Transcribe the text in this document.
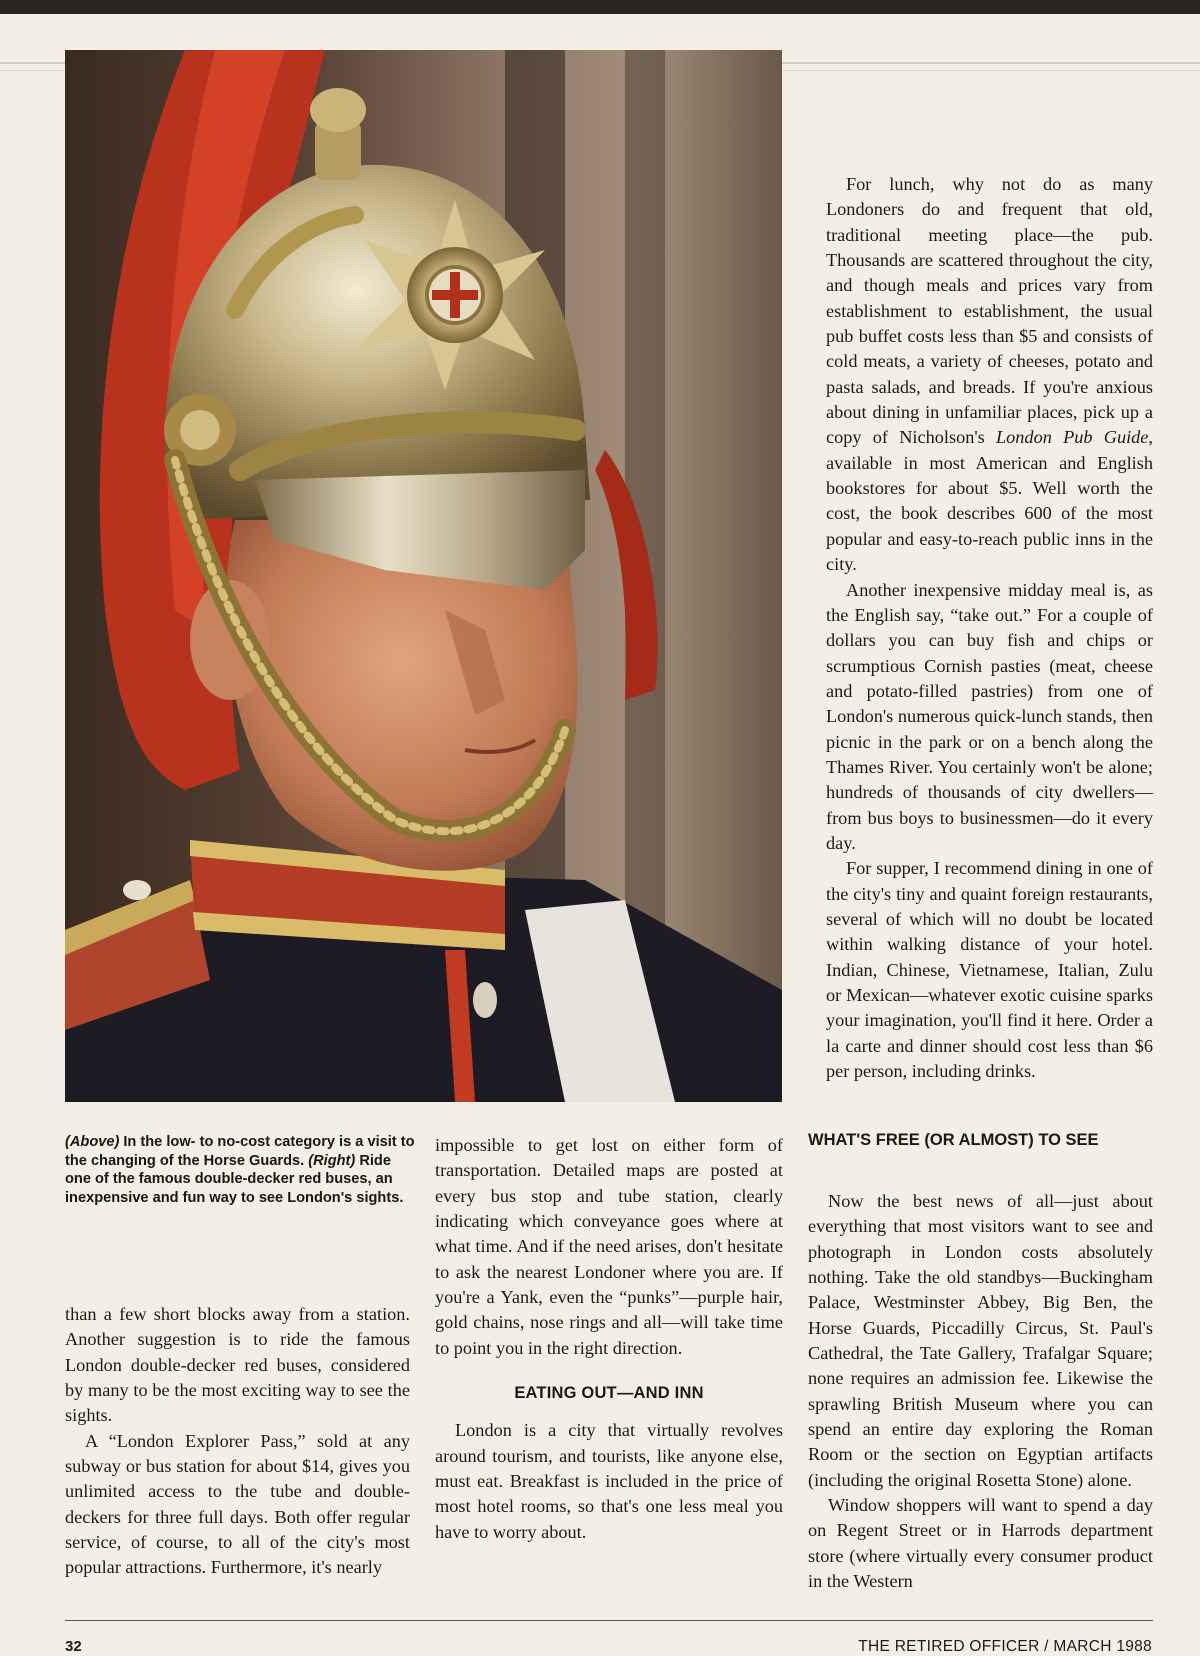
(Above) In the low- to no-cost category is a visit to the changing of the Horse Guards. (Right) Ride one of the famous double-decker red buses, an inexpensive and fun way to see London's sights.

than a few short blocks away from a station. Another suggestion is to ride the famous London double-decker red buses, considered by many to be the most exciting way to see the sights.

A “London Explorer Pass,” sold at any subway or bus station for about $14, gives you unlimited access to the tube and double-deckers for three full days. Both offer regular service, of course, to all of the city's most popular attractions. Furthermore, it's nearly

impossible to get lost on either form of transportation. Detailed maps are posted at every bus stop and tube station, clearly indicating which conveyance goes where at what time. And if the need arises, don't hesitate to ask the nearest Londoner where you are. If you're a Yank, even the “punks”—purple hair, gold chains, nose rings and all—will take time to point you in the right direction.

EATING OUT—AND INN

London is a city that virtually revolves around tourism, and tourists, like anyone else, must eat. Breakfast is included in the price of most hotel rooms, so that's one less meal you have to worry about.

For lunch, why not do as many Londoners do and frequent that old, traditional meeting place—the pub. Thousands are scattered throughout the city, and though meals and prices vary from establishment to establishment, the usual pub buffet costs less than $5 and consists of cold meats, a variety of cheeses, potato and pasta salads, and breads. If you're anxious about dining in unfamiliar places, pick up a copy of Nicholson's London Pub Guide, available in most American and English bookstores for about $5. Well worth the cost, the book describes 600 of the most popular and easy-to-reach public inns in the city.

Another inexpensive midday meal is, as the English say, “take out.” For a couple of dollars you can buy fish and chips or scrumptious Cornish pasties (meat, cheese and potato-filled pastries) from one of London's numerous quick-lunch stands, then picnic in the park or on a bench along the Thames River. You certainly won't be alone; hundreds of thousands of city dwellers—from bus boys to businessmen—do it every day.

For supper, I recommend dining in one of the city's tiny and quaint foreign restaurants, several of which will no doubt be located within walking distance of your hotel. Indian, Chinese, Vietnamese, Italian, Zulu or Mexican—whatever exotic cuisine sparks your imagination, you'll find it here. Order a la carte and dinner should cost less than $6 per person, including drinks.

WHAT'S FREE (OR ALMOST) TO SEE

Now the best news of all—just about everything that most visitors want to see and photograph in London costs absolutely nothing. Take the old standbys—Buckingham Palace, Westminster Abbey, Big Ben, the Horse Guards, Piccadilly Circus, St. Paul's Cathedral, the Tate Gallery, Trafalgar Square; none requires an admission fee. Likewise the sprawling British Museum where you can spend an entire day exploring the Roman Room or the section on Egyptian artifacts (including the original Rosetta Stone) alone.

Window shoppers will want to spend a day on Regent Street or in Harrods department store (where virtually every consumer product in the Western

32	THE RETIRED OFFICER / MARCH 1988
